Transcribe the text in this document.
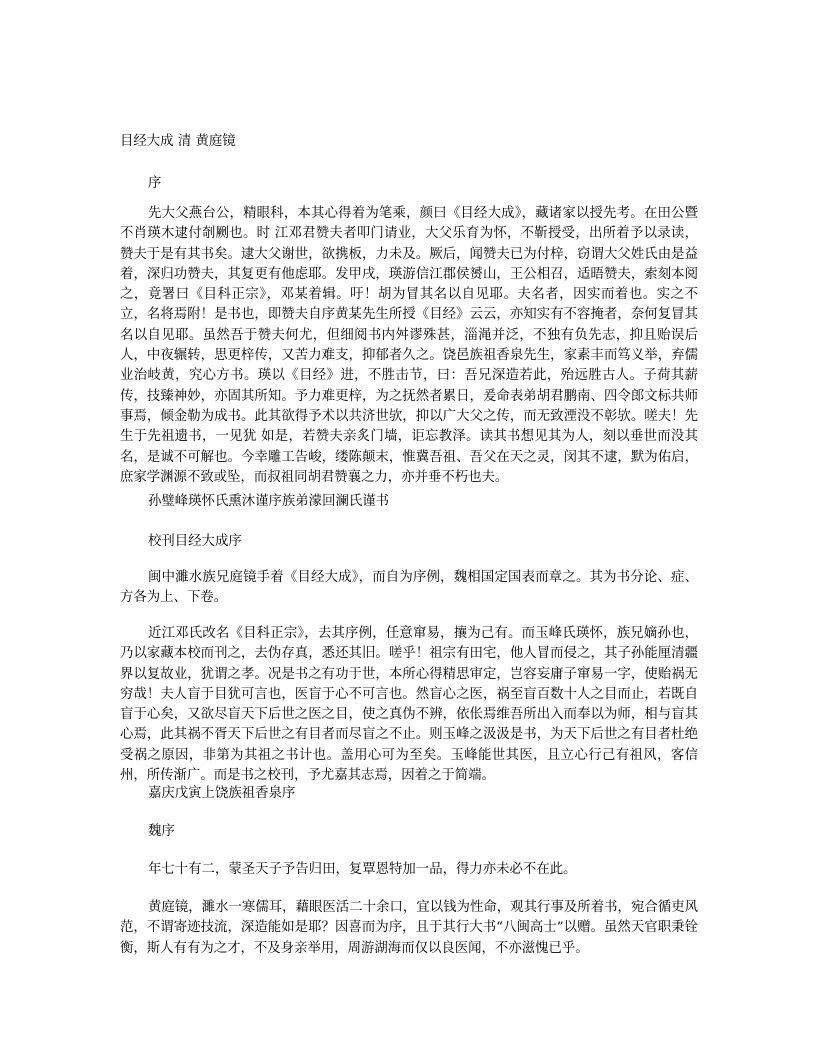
目经大成 清 黄庭镜

序

先大父燕台公，精眼科，本其心得着为笔乘，颜曰《目经大成》，藏诸家以授先考。在田公暨不肖瑛木逮付剞劂也。时 江邓君赞夫者叩门请业，大父乐育为怀，不靳授受，出所着予以录读，赞夫于是有其书矣。逮大父谢世，欲携板，力未及。厥后，闻赞夫已为付梓，窃谓大父姓氏由是益着，深归功赞夫，其复更有他虑耶。发甲戌，瑛游信江郡侯赟山，王公相召，适晤赞夫，索刻本阅之，竟署曰《目科正宗》，邓某着辑。吁！胡为冒其名以自见耶。夫名者，因实而着也。实之不立，名将焉附！是书也，即赞夫自序黄某先生所授《目经》云云，亦知实有不容掩者，奈何复冒其名以自见耶。虽然吾于赞夫何尤，但细阅书内舛谬殊甚，淄渑并泛，不独有负先志，抑且贻误后人，中夜辗转，思更梓传，又苦力难支，抑郁者久之。饶邑族祖香泉先生，家素丰而笃义举，弃儒业治岐黄，究心方书。瑛以《目经》进，不胜击节，曰：吾兄深造若此，殆远胜古人。子荷其薪传，技臻神妙，亦固其所知。予力难更梓，为之抚然者累日，爰命表弟胡君鹏南、四令郎文标共师事焉，倾金勒为成书。此其欲得予术以共济世欤，抑以广大父之传，而无致湮没不彰欤。嗟夫！先生于先祖遗书，一见犹 如是，若赞夫亲炙门墙，讵忘教泽。读其书想见其为人，刻以垂世而没其名，是诚不可解也。今幸雕工告峻，缕陈颠末，惟冀吾祖、吾父在天之灵，闵其不逮，默为佑启，庶家学渊源不致或坠，而叔祖同胡君赞襄之力，亦并垂不朽也夫。

孙璧峰瑛怀氏熏沐谨序族弟濛回澜氏谨书

校刊目经大成序

闽中濉水族兄庭镜手着《目经大成》，而自为序例，魏相国定国表而章之。其为书分论、症、方各为上、下卷。

近江邓氏改名《目科正宗》，去其序例，任意窜易，攘为己有。而玉峰氏瑛怀，族兄嫡孙也，乃以家藏本校而刊之，去伪存真，悉还其旧。嗟乎！祖宗有田宅，他人冒而侵之，其子孙能厘清疆界以复故业，犹谓之孝。况是书之有功于世，本所心得精思审定，岂容妄庸子窜易一字，使贻祸无穷哉！夫人盲于目犹可言也，医盲于心不可言也。然盲心之医，祸至盲百数十人之目而止，若既自盲于心矣，又欲尽盲天下后世之医之目，使之真伪不辨，依伥焉维吾所出入而奉以为师，相与盲其心焉，此其祸不胥天下后世之有目者而尽盲之不止。则玉峰之汲汲是书，为天下后世之有目者杜绝受祸之原因，非第为其祖之书计也。盖用心可为至矣。玉峰能世其医，且立心行己有祖风，客信州，所传渐广。而是书之校刊，予尤嘉其志焉，因着之于简端。

嘉庆戊寅上饶族祖香泉序

魏序

年七十有二，蒙圣天子予告归田，复覃恩特加一品，得力亦未必不在此。

黄庭镜，濉水一寒儒耳，藉眼医活二十余口，宜以钱为性命，观其行事及所着书，宛合循吏风范，不谓寄迹技流，深造能如是耶？因喜而为序，且于其行大书“八闽高士”以赠。虽然天官职秉铨衡，斯人有有为之才，不及身亲举用，周游湖海而仅以良医闻，不亦滋愧已乎。
